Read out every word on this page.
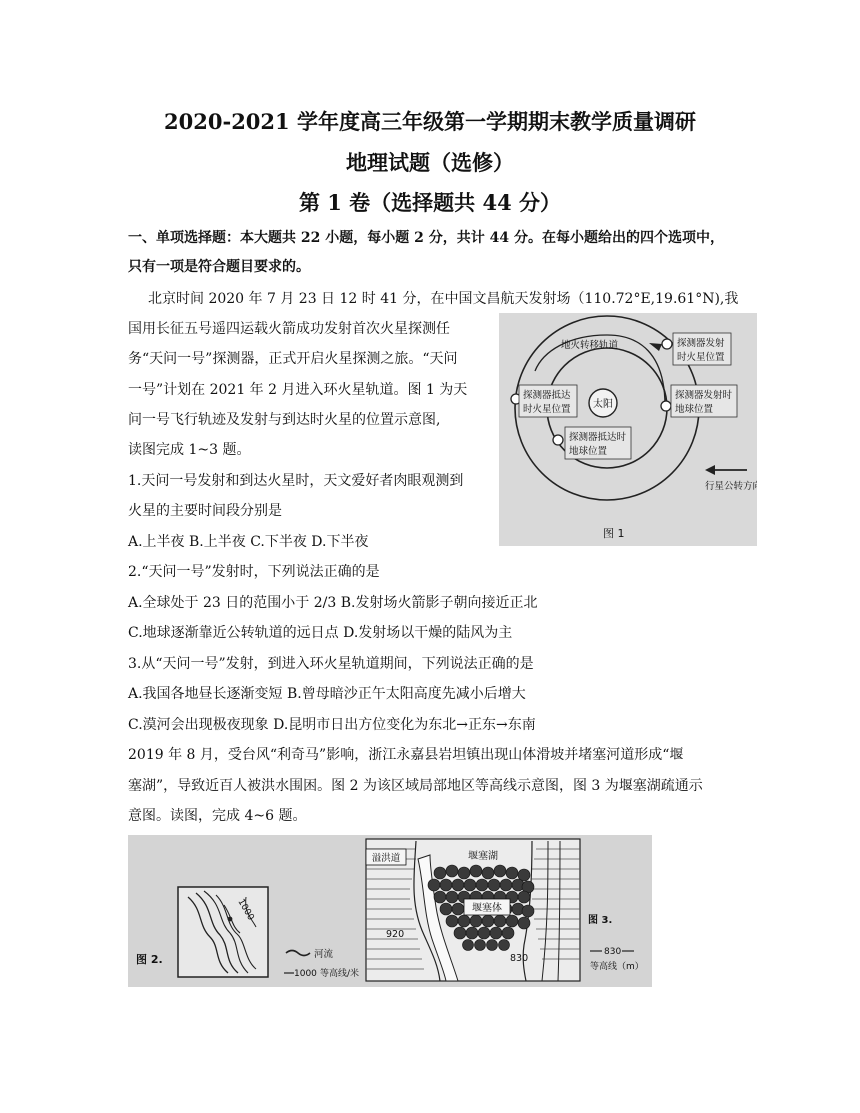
2020-2021 学年度高三年级第一学期期末教学质量调研
地理试题（选修）
第 1 卷（选择题共 44 分）
一、单项选择题：本大题共 22 小题，每小题 2 分，共计 44 分。在每小题给出的四个选项中，
只有一项是符合题目要求的。
北京时间 2020 年 7 月 23 日 12 时 41 分，在中国文昌航天发射场（110.72°E,19.61°N),我
国用长征五号遥四运载火箭成功发射首次火星探测任
务“天问一号”探测器，正式开启火星探测之旅。“天问
一号”计划在 2021 年 2 月进入环火星轨道。图 1 为天
问一号飞行轨迹及发射与到达时火星的位置示意图,
读图完成 1~3 题。
1.天问一号发射和到达火星时，天文爱好者肉眼观测到
火星的主要时间段分别是
A.上半夜 B.上半夜 C.下半夜 D.下半夜
2.“天问一号”发射时，下列说法正确的是
A.全球处于 23 日的范围小于 2/3 B.发射场火箭影子朝向接近正北
C.地球逐渐靠近公转轨道的远日点 D.发射场以干燥的陆风为主
3.从“天问一号”发射，到进入环火星轨道期间，下列说法正确的是
A.我国各地昼长逐渐变短 B.曾母暗沙正午太阳高度先减小后增大
C.漠河会出现极夜现象 D.昆明市日出方位变化为东北→正东→东南
2019 年 8 月，受台风“利奇马”影响，浙江永嘉县岩坦镇出现山体滑坡并堵塞河道形成“堰
塞湖”，导致近百人被洪水围困。图 2 为该区域局部地区等高线示意图，图 3 为堰塞湖疏通示
意图。读图，完成 4~6 题。
太阳
地火转移轨道	探测器发射
时火星位置
探测器抵达
时火星位置
探测器发射时
地球位置
探测器抵达时
地球位置
行星公转方向
图 1
1000
图 2.	河流
1000 等高线/米
堰塞体
溢洪道	堰塞湖
920
830
图 3.
830
等高线（m）
